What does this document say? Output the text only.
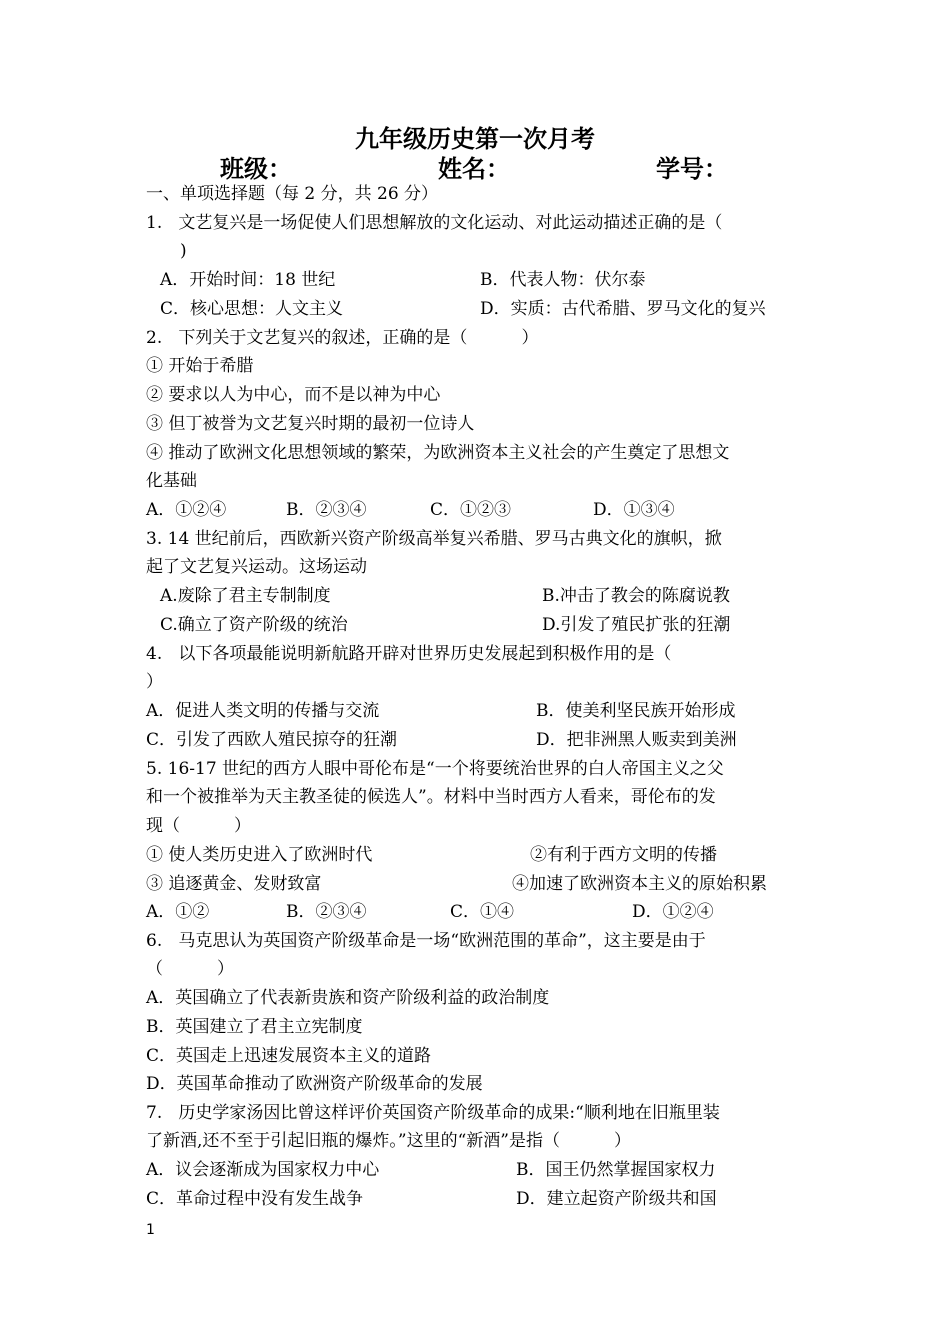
九年级历史第一次月考
班级：	姓名：	学号：
一、单项选择题（每 2 分，共 26 分）
1.   文艺复兴是一场促使人们思想解放的文化运动、对此运动描述正确的是（
)
A．开始时间：18 世纪	B．代表人物：伏尔泰
C．核心思想：人文主义	D．实质：古代希腊、罗马文化的复兴
2.   下列关于文艺复兴的叙述，正确的是（          ）
① 开始于希腊
② 要求以人为中心，而不是以神为中心
③ 但丁被誉为文艺复兴时期的最初一位诗人
④ 推动了欧洲文化思想领域的繁荣，为欧洲资本主义社会的产生奠定了思想文
化基础
A．①②④	B．②③④	C．①②③	D．①③④
3. 14 世纪前后，西欧新兴资产阶级高举复兴希腊、罗马古典文化的旗帜，掀
起了文艺复兴运动。这场运动
A.废除了君主专制制度	B.冲击了教会的陈腐说教
C.确立了资产阶级的统治	D.引发了殖民扩张的狂潮
4.   以下各项最能说明新航路开辟对世界历史发展起到积极作用的是（
）
A．促进人类文明的传播与交流	B．使美利坚民族开始形成
C．引发了西欧人殖民掠夺的狂潮	D．把非洲黑人贩卖到美洲
5. 16-17 世纪的西方人眼中哥伦布是“一个将要统治世界的白人帝国主义之父
和一个被推举为天主教圣徒的候选人”。材料中当时西方人看来，哥伦布的发
现（          ）
① 使人类历史进入了欧洲时代	②有利于西方文明的传播
③ 追逐黄金、发财致富	④加速了欧洲资本主义的原始积累
A．①②	B．②③④	C．①④	D．①②④
6.   马克思认为英国资产阶级革命是一场“欧洲范围的革命”，这主要是由于
（          ）
A．英国确立了代表新贵族和资产阶级利益的政治制度
B．英国建立了君主立宪制度
C．英国走上迅速发展资本主义的道路
D．英国革命推动了欧洲资产阶级革命的发展
7.   历史学家汤因比曾这样评价英国资产阶级革命的成果:“顺利地在旧瓶里装
了新酒,还不至于引起旧瓶的爆炸。”这里的“新酒”是指（          ）
A．议会逐渐成为国家权力中心	B．国王仍然掌握国家权力
C．革命过程中没有发生战争	D．建立起资产阶级共和国
1
